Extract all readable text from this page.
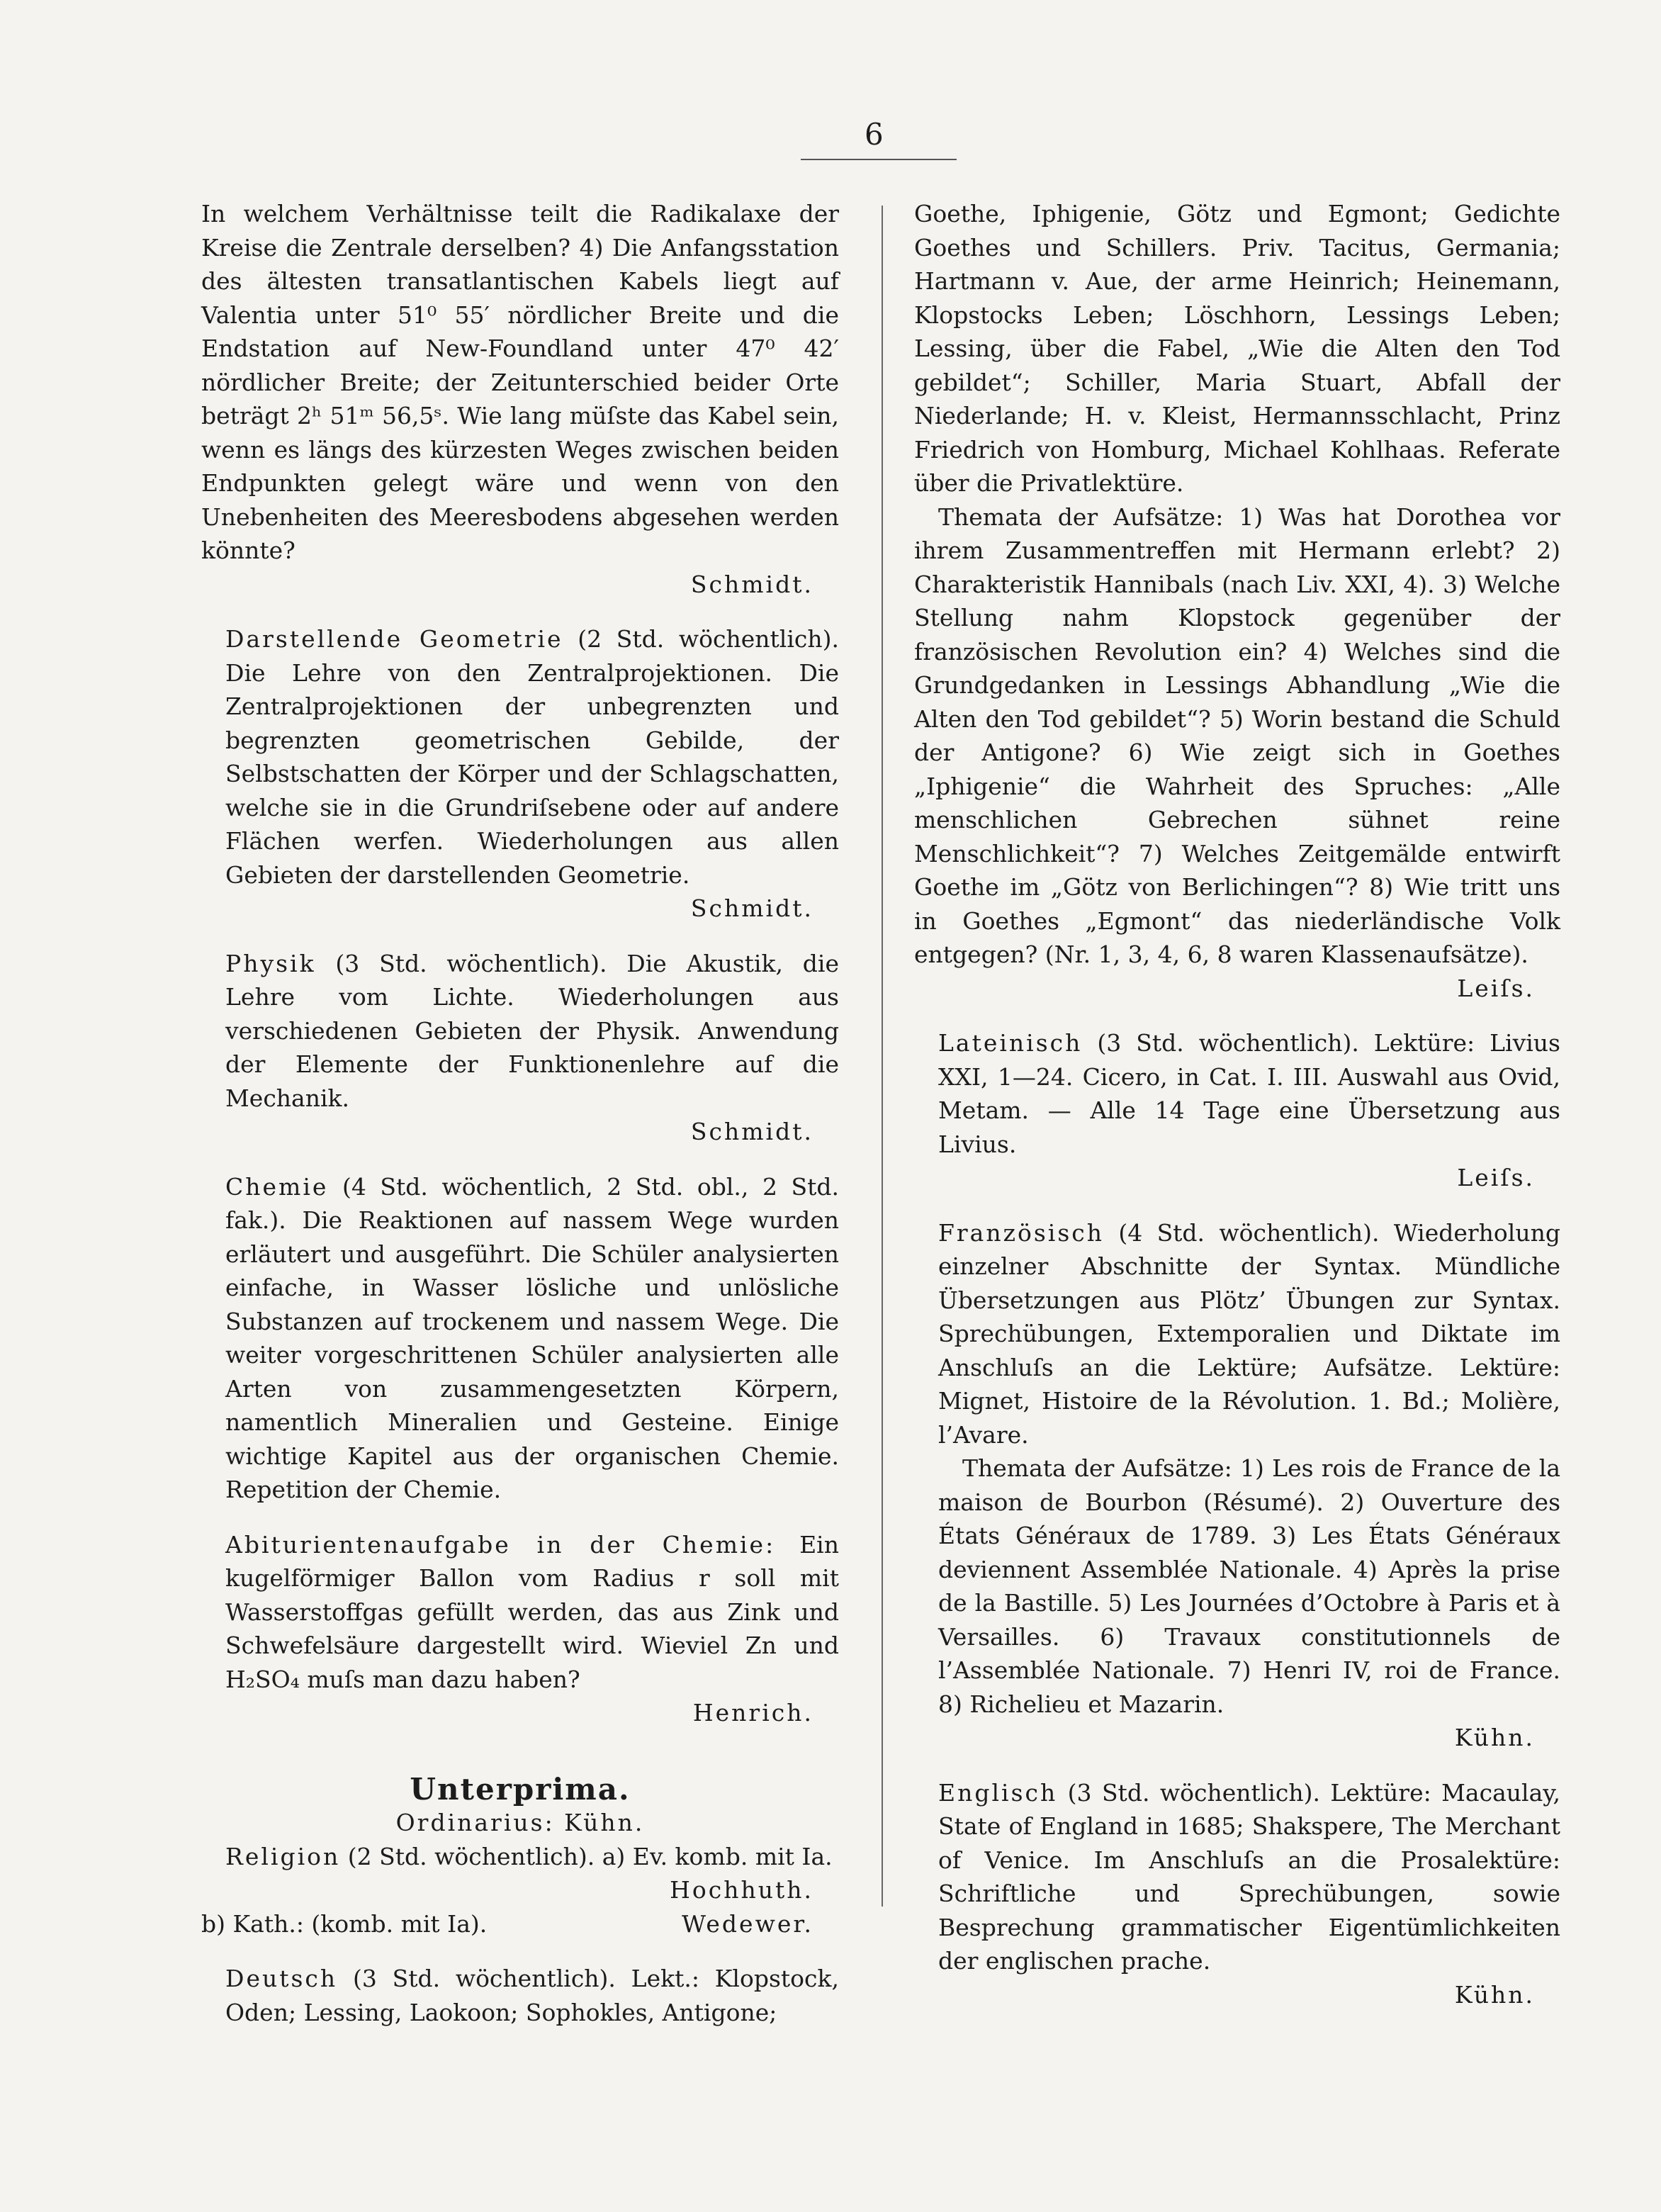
6

In welchem Verhältnisse teilt die Radikalaxe der Kreise die Zentrale derselben? 4) Die Anfangsstation des ältesten transatlantischen Kabels liegt auf Valentia unter 51⁰ 55′ nördlicher Breite und die Endstation auf New-Foundland unter 47⁰ 42′ nördlicher Breite; der Zeitunterschied beider Orte beträgt 2ʰ 51ᵐ 56,5ˢ. Wie lang müſste das Kabel sein, wenn es längs des kürzesten Weges zwischen beiden Endpunkten gelegt wäre und wenn von den Unebenheiten des Meeresbodens abgesehen werden könnte?

Schmidt.

Darstellende Geometrie (2 Std. wöchentlich). Die Lehre von den Zentralprojektionen. Die Zentralprojektionen der unbegrenzten und begrenzten geometrischen Gebilde, der Selbstschatten der Körper und der Schlagschatten, welche sie in die Grundriſsebene oder auf andere Flächen werfen. Wiederholungen aus allen Gebieten der darstellenden Geometrie.

Schmidt.

Physik (3 Std. wöchentlich). Die Akustik, die Lehre vom Lichte. Wiederholungen aus verschiedenen Gebieten der Physik. Anwendung der Elemente der Funktionenlehre auf die Mechanik.

Schmidt.

Chemie (4 Std. wöchentlich, 2 Std. obl., 2 Std. fak.). Die Reaktionen auf nassem Wege wurden erläutert und ausgeführt. Die Schüler analysierten einfache, in Wasser lösliche und unlösliche Substanzen auf trockenem und nassem Wege. Die weiter vorgeschrittenen Schüler analysierten alle Arten von zusammengesetzten Körpern, namentlich Mineralien und Gesteine. Einige wichtige Kapitel aus der organischen Chemie. Repetition der Chemie.

Abiturientenaufgabe in der Chemie: Ein kugelförmiger Ballon vom Radius r soll mit Wasserstoffgas gefüllt werden, das aus Zink und Schwefelsäure dargestellt wird. Wieviel Zn und H₂SO₄ muſs man dazu haben?

Henrich.
Unterprima.
Ordinarius: Kühn.

Religion (2 Std. wöchentlich). a) Ev. komb. mit Ia.

Hochhuth.
b) Kath.: (komb. mit Ia).	Wedewer.

Deutsch (3 Std. wöchentlich). Lekt.: Klopstock, Oden; Lessing, Laokoon; Sophokles, Antigone;

Goethe, Iphigenie, Götz und Egmont; Gedichte Goethes und Schillers. Priv. Tacitus, Germania; Hartmann v. Aue, der arme Heinrich; Heinemann, Klopstocks Leben; Löschhorn, Lessings Leben; Lessing, über die Fabel, „Wie die Alten den Tod gebildet“; Schiller, Maria Stuart, Abfall der Niederlande; H. v. Kleist, Hermannsschlacht, Prinz Friedrich von Homburg, Michael Kohlhaas. Referate über die Privatlektüre.

Themata der Aufsätze: 1) Was hat Dorothea vor ihrem Zusammentreffen mit Hermann erlebt? 2) Charakteristik Hannibals (nach Liv. XXI, 4). 3) Welche Stellung nahm Klopstock gegenüber der französischen Revolution ein? 4) Welches sind die Grundgedanken in Lessings Abhandlung „Wie die Alten den Tod gebildet“? 5) Worin bestand die Schuld der Antigone? 6) Wie zeigt sich in Goethes „Iphigenie“ die Wahrheit des Spruches: „Alle menschlichen Gebrechen sühnet reine Menschlichkeit“? 7) Welches Zeitgemälde entwirft Goethe im „Götz von Berlichingen“? 8) Wie tritt uns in Goethes „Egmont“ das niederländische Volk entgegen? (Nr. 1, 3, 4, 6, 8 waren Klassenaufsätze).

Leiſs.

Lateinisch (3 Std. wöchentlich). Lektüre: Livius XXI, 1—24. Cicero, in Cat. I. III. Auswahl aus Ovid, Metam. — Alle 14 Tage eine Übersetzung aus Livius.

Leiſs.

Französisch (4 Std. wöchentlich). Wiederholung einzelner Abschnitte der Syntax. Mündliche Übersetzungen aus Plötz’ Übungen zur Syntax. Sprechübungen, Extemporalien und Diktate im Anschluſs an die Lektüre; Aufsätze. Lektüre: Mignet, Histoire de la Révolution. 1. Bd.; Molière, l’Avare.

Themata der Aufsätze: 1) Les rois de France de la maison de Bourbon (Résumé). 2) Ouverture des États Généraux de 1789. 3) Les États Généraux deviennent Assemblée Nationale. 4) Après la prise de la Bastille. 5) Les Journées d’Octobre à Paris et à Versailles. 6) Travaux constitutionnels de l’Assemblée Nationale. 7) Henri IV, roi de France. 8) Richelieu et Mazarin.

Kühn.

Englisch (3 Std. wöchentlich). Lektüre: Macaulay, State of England in 1685; Shakspere, The Merchant of Venice. Im Anschluſs an die Prosalektüre: Schriftliche und Sprechübungen, sowie Besprechung grammatischer Eigentümlichkeiten der englischen prache.

Kühn.
